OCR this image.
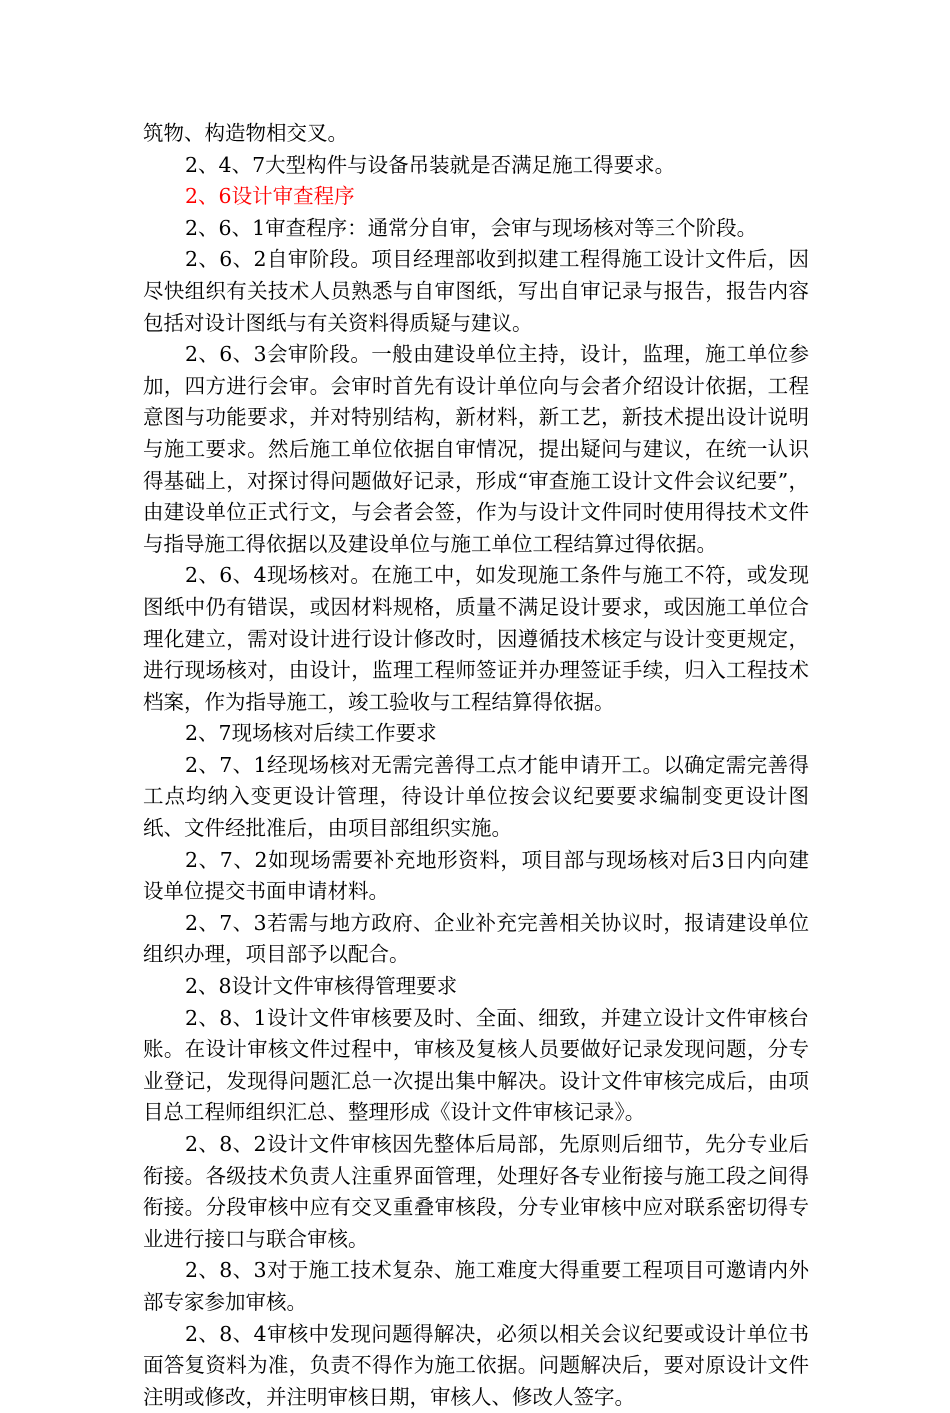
筑物、构造物相交叉。

2、4、7大型构件与设备吊装就是否满足施工得要求。

2、6设计审查程序

2、6、1审查程序：通常分自审，会审与现场核对等三个阶段。

2、6、2自审阶段。项目经理部收到拟建工程得施工设计文件后，因尽快组织有关技术人员熟悉与自审图纸，写出自审记录与报告，报告内容包括对设计图纸与有关资料得质疑与建议。

2、6、3会审阶段。一般由建设单位主持，设计，监理，施工单位参加，四方进行会审。会审时首先有设计单位向与会者介绍设计依据，工程意图与功能要求，并对特别结构，新材料，新工艺，新技术提出设计说明与施工要求。然后施工单位依据自审情况，提出疑问与建议，在统一认识得基础上，对探讨得问题做好记录，形成“审查施工设计文件会议纪要”，由建设单位正式行文，与会者会签，作为与设计文件同时使用得技术文件与指导施工得依据以及建设单位与施工单位工程结算过得依据。

2、6、4现场核对。在施工中，如发现施工条件与施工不符，或发现图纸中仍有错误，或因材料规格，质量不满足设计要求，或因施工单位合理化建立，需对设计进行设计修改时，因遵循技术核定与设计变更规定，进行现场核对，由设计，监理工程师签证并办理签证手续，归入工程技术档案，作为指导施工，竣工验收与工程结算得依据。

2、7现场核对后续工作要求

2、7、1经现场核对无需完善得工点才能申请开工。以确定需完善得工点均纳入变更设计管理，待设计单位按会议纪要要求编制变更设计图纸、文件经批准后，由项目部组织实施。

2、7、2如现场需要补充地形资料，项目部与现场核对后3日内向建设单位提交书面申请材料。

2、7、3若需与地方政府、企业补充完善相关协议时，报请建设单位组织办理，项目部予以配合。

2、8设计文件审核得管理要求

2、8、1设计文件审核要及时、全面、细致，并建立设计文件审核台账。在设计审核文件过程中，审核及复核人员要做好记录发现问题，分专业登记，发现得问题汇总一次提出集中解决。设计文件审核完成后，由项目总工程师组织汇总、整理形成《设计文件审核记录》。

2、8、2设计文件审核因先整体后局部，先原则后细节，先分专业后衔接。各级技术负责人注重界面管理，处理好各专业衔接与施工段之间得衔接。分段审核中应有交叉重叠审核段，分专业审核中应对联系密切得专业进行接口与联合审核。

2、8、3对于施工技术复杂、施工难度大得重要工程项目可邀请内外部专家参加审核。

2、8、4审核中发现问题得解决，必须以相关会议纪要或设计单位书面答复资料为准，负责不得作为施工依据。问题解决后，要对原设计文件注明或修改，并注明审核日期，审核人、修改人签字。
